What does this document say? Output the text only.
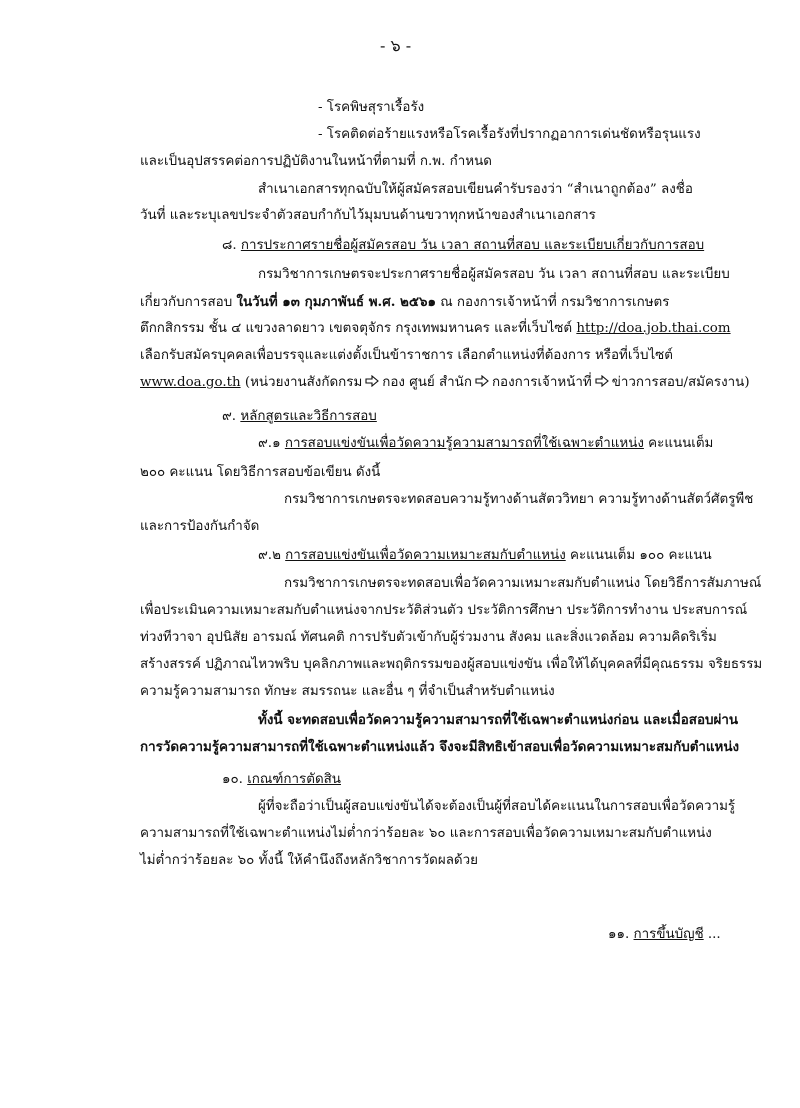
- ๖ -
- โรคพิษสุราเรื้อรัง
- โรคติดต่อร้ายแรงหรือโรคเรื้อรังที่ปรากฏอาการเด่นชัดหรือรุนแรง
และเป็นอุปสรรคต่อการปฏิบัติงานในหน้าที่ตามที่ ก.พ. กำหนด
สำเนาเอกสารทุกฉบับให้ผู้สมัครสอบเขียนคำรับรองว่า “สำเนาถูกต้อง” ลงชื่อ
วันที่ และระบุเลขประจำตัวสอบกำกับไว้มุมบนด้านขวาทุกหน้าของสำเนาเอกสาร
๘. การประกาศรายชื่อผู้สมัครสอบ วัน เวลา สถานที่สอบ และระเบียบเกี่ยวกับการสอบ
กรมวิชาการเกษตรจะประกาศรายชื่อผู้สมัครสอบ วัน เวลา สถานที่สอบ และระเบียบ
เกี่ยวกับการสอบ ในวันที่ ๑๓ กุมภาพันธ์ พ.ศ. ๒๕๖๑ ณ กองการเจ้าหน้าที่ กรมวิชาการเกษตร
ตึกกสิกรรม ชั้น ๔ แขวงลาดยาว เขตจตุจักร กรุงเทพมหานคร และที่เว็บไซต์ http://doa.job.thai.com
เลือกรับสมัครบุคคลเพื่อบรรจุและแต่งตั้งเป็นข้าราชการ เลือกตำแหน่งที่ต้องการ หรือที่เว็บไซต์
www.doa.go.th (หน่วยงานสังกัดกรม กอง ศูนย์ สำนัก กองการเจ้าหน้าที่ ข่าวการสอบ/สมัครงาน)
๙. หลักสูตรและวิธีการสอบ
๙.๑ การสอบแข่งขันเพื่อวัดความรู้ความสามารถที่ใช้เฉพาะตำแหน่ง คะแนนเต็ม
๒๐๐ คะแนน โดยวิธีการสอบข้อเขียน ดังนี้
กรมวิชาการเกษตรจะทดสอบความรู้ทางด้านสัตววิทยา ความรู้ทางด้านสัตว์ศัตรูพืช
และการป้องกันกำจัด
๙.๒ การสอบแข่งขันเพื่อวัดความเหมาะสมกับตำแหน่ง คะแนนเต็ม ๑๐๐ คะแนน
กรมวิชาการเกษตรจะทดสอบเพื่อวัดความเหมาะสมกับตำแหน่ง โดยวิธีการสัมภาษณ์
เพื่อประเมินความเหมาะสมกับตำแหน่งจากประวัติส่วนตัว ประวัติการศึกษา ประวัติการทำงาน ประสบการณ์
ท่วงทีวาจา อุปนิสัย อารมณ์ ทัศนคติ การปรับตัวเข้ากับผู้ร่วมงาน สังคม และสิ่งแวดล้อม ความคิดริเริ่ม
สร้างสรรค์ ปฏิภาณไหวพริบ บุคลิกภาพและพฤติกรรมของผู้สอบแข่งขัน เพื่อให้ได้บุคคลที่มีคุณธรรม จริยธรรม
ความรู้ความสามารถ ทักษะ สมรรถนะ และอื่น ๆ ที่จำเป็นสำหรับตำแหน่ง
ทั้งนี้ จะทดสอบเพื่อวัดความรู้ความสามารถที่ใช้เฉพาะตำแหน่งก่อน และเมื่อสอบผ่าน
การวัดความรู้ความสามารถที่ใช้เฉพาะตำแหน่งแล้ว จึงจะมีสิทธิเข้าสอบเพื่อวัดความเหมาะสมกับตำแหน่ง
๑๐. เกณฑ์การตัดสิน
ผู้ที่จะถือว่าเป็นผู้สอบแข่งขันได้จะต้องเป็นผู้ที่สอบได้คะแนนในการสอบเพื่อวัดความรู้
ความสามารถที่ใช้เฉพาะตำแหน่งไม่ต่ำกว่าร้อยละ ๖๐ และการสอบเพื่อวัดความเหมาะสมกับตำแหน่ง
ไม่ต่ำกว่าร้อยละ ๖๐ ทั้งนี้ ให้คำนึงถึงหลักวิชาการวัดผลด้วย
๑๑. การขึ้นบัญชี ...
